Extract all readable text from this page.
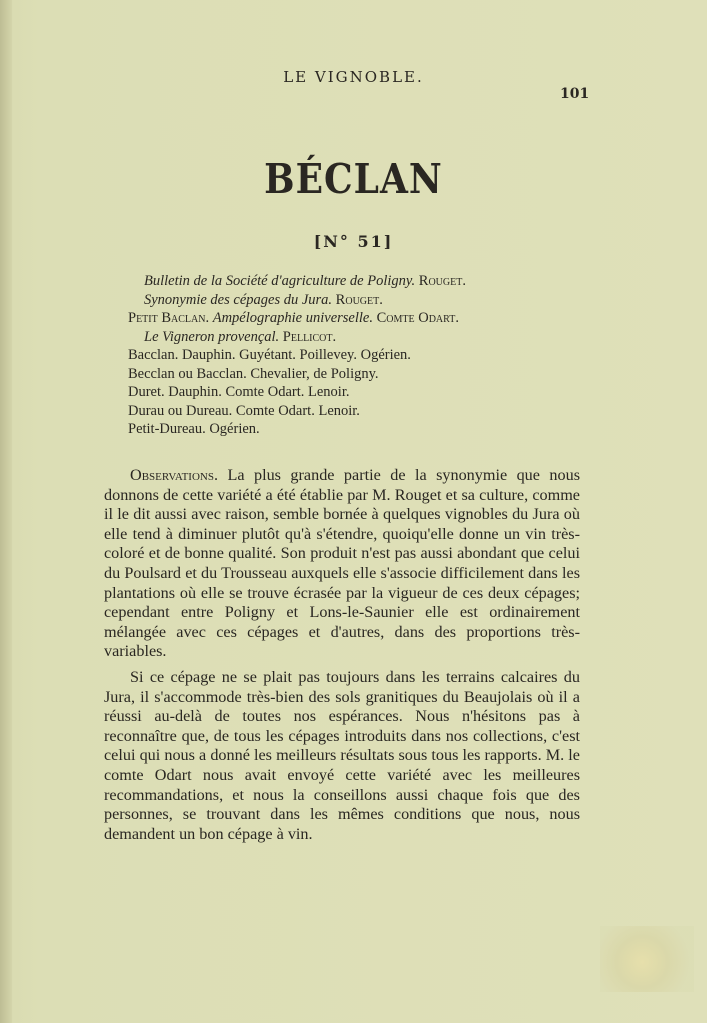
LE VIGNOBLE.
101
BÉCLAN
[N° 51]
Bulletin de la Société d'agriculture de Poligny. Rouget.
Synonymie des cépages du Jura. Rouget.
Petit Baclan. Ampélographie universelle. Comte Odart.
Le Vigneron provençal. Pellicot.
Bacclan. Dauphin. Guyétant. Poillevey. Ogérien.
Becclan ou Bacclan. Chevalier, de Poligny.
Duret. Dauphin. Comte Odart. Lenoir.
Durau ou Dureau. Comte Odart. Lenoir.
Petit-Dureau. Ogérien.

Observations. La plus grande partie de la synonymie que nous donnons de cette variété a été établie par M. Rouget et sa culture, comme il le dit aussi avec raison, semble bornée à quelques vignobles du Jura où elle tend à diminuer plutôt qu'à s'étendre, quoiqu'elle donne un vin très-coloré et de bonne qualité. Son produit n'est pas aussi abondant que celui du Poulsard et du Trousseau auxquels elle s'associe difficilement dans les plantations où elle se trouve écrasée par la vigueur de ces deux cépages; cependant entre Poligny et Lons-le-Saunier elle est ordinairement mélangée avec ces cépages et d'autres, dans des proportions très-variables.

Si ce cépage ne se plait pas toujours dans les terrains calcaires du Jura, il s'accommode très-bien des sols granitiques du Beaujolais où il a réussi au-delà de toutes nos espérances. Nous n'hésitons pas à reconnaître que, de tous les cépages introduits dans nos collections, c'est celui qui nous a donné les meilleurs résultats sous tous les rapports. M. le comte Odart nous avait envoyé cette variété avec les meilleures recommandations, et nous la conseillons aussi chaque fois que des personnes, se trouvant dans les mêmes conditions que nous, nous demandent un bon cépage à vin.
